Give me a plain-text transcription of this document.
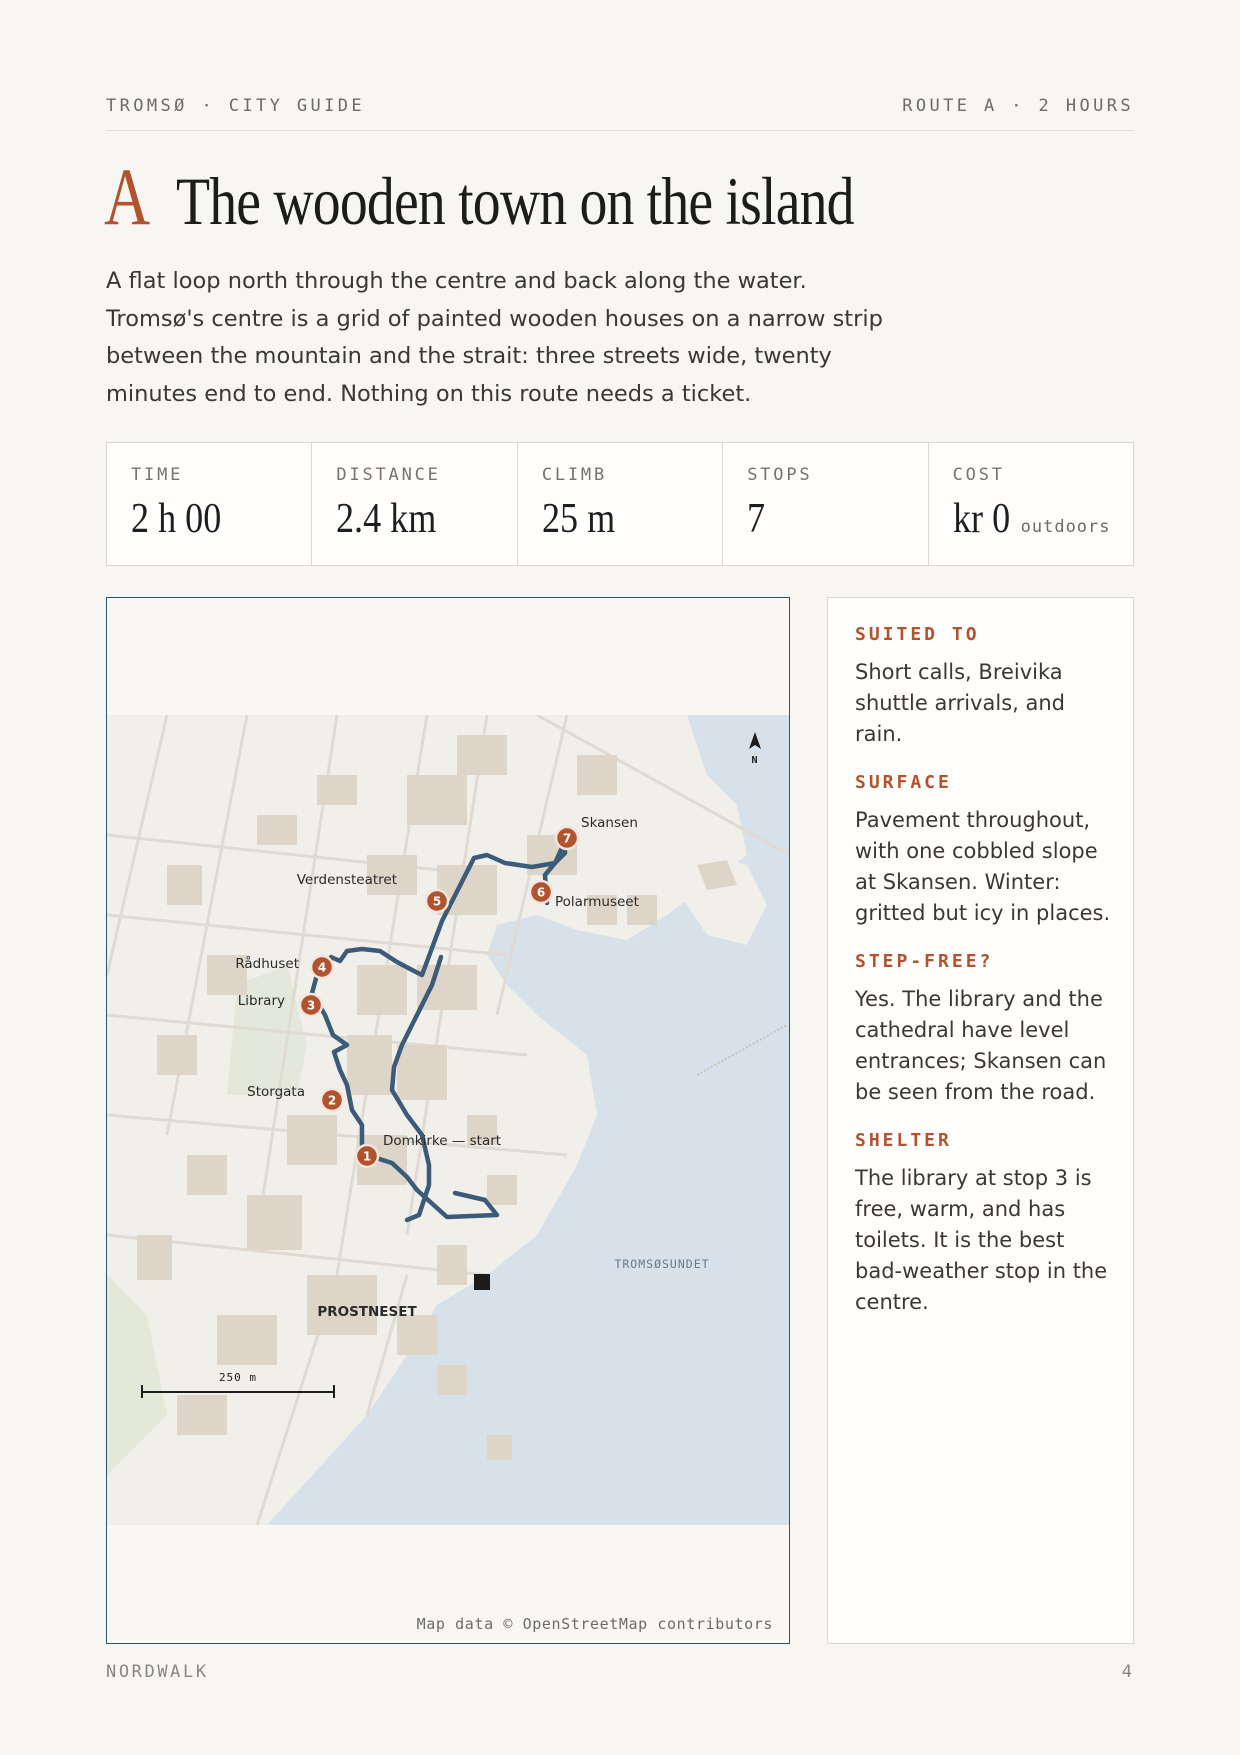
TROMSØ · CITY GUIDE	ROUTE A · 2 HOURS
A The wooden town on the island

A flat loop north through the centre and back along the water. Tromsø's centre is a grid of painted wooden houses on a narrow strip between the mountain and the strait: three streets wide, twenty minutes end to end. Nothing on this route needs a ticket.

TIME
2 h 00
DISTANCE
2.4 km
CLIMB
25 m
STOPS
7
COST
kr 0 outdoors
1
Domkirke — start
2
Storgata
3
Library
4
Rådhuset
5
Verdensteatret
6
Polarmuseet
7
Skansen
PROSTNESET
TROMSØSUNDET
N
250 m
Map data © OpenStreetMap contributors
SUITED TO
Short calls, Breivika shuttle arrivals, and rain.
SURFACE
Pavement throughout, with one cobbled slope at Skansen. Winter: gritted but icy in places.
STEP-FREE?
Yes. The library and the cathedral have level entrances; Skansen can be seen from the road.
SHELTER
The library at stop 3 is free, warm, and has toilets. It is the best bad-weather stop in the centre.
NORDWALK	4
